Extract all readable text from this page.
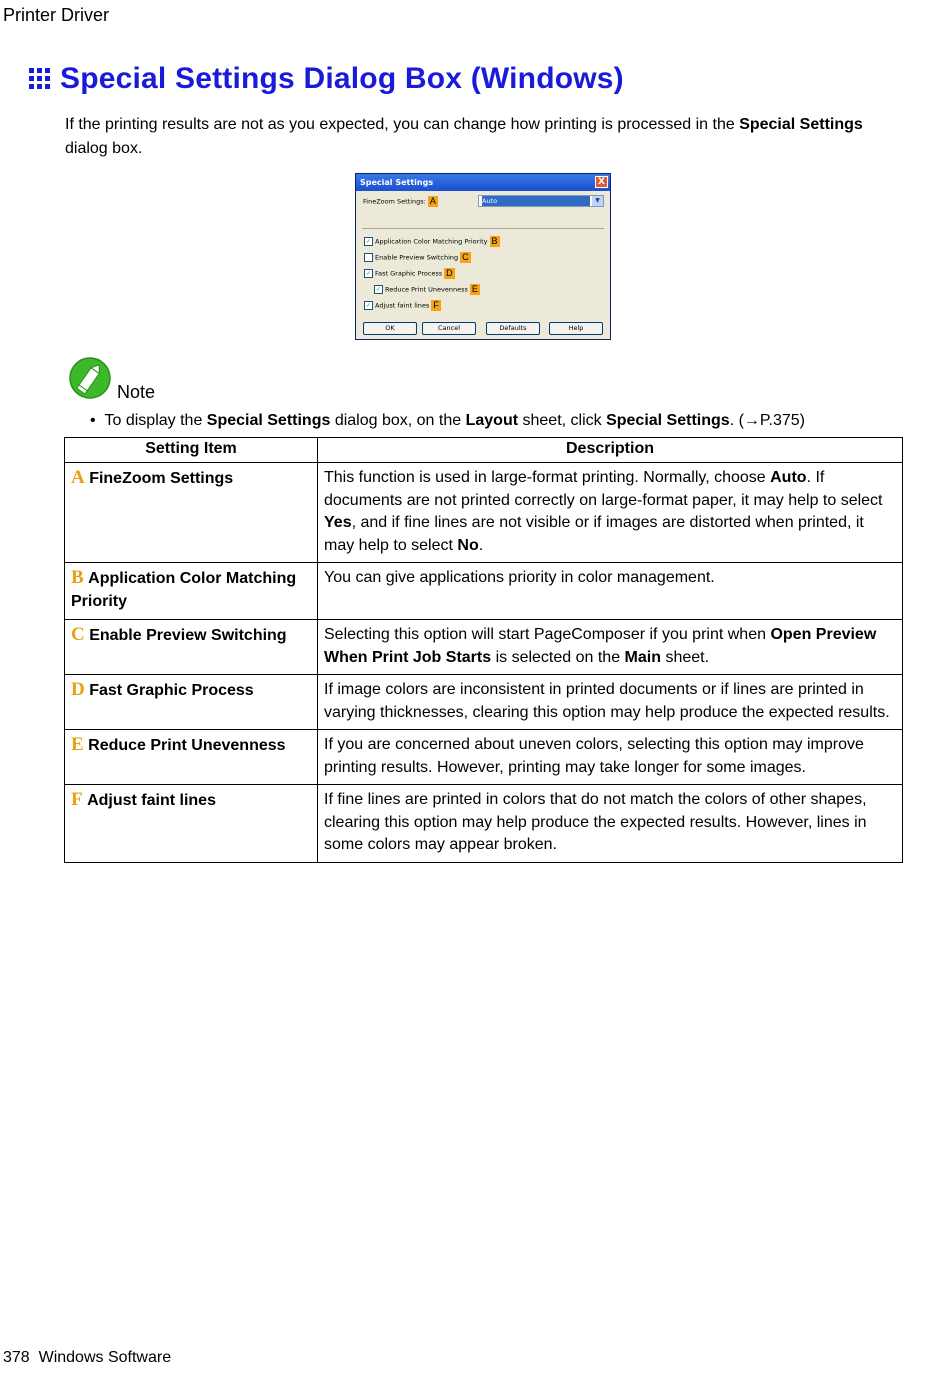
Printer Driver
Special Settings Dialog Box (Windows)
If the printing results are not as you expected, you can change how printing is processed in the Special Settings dialog box.
Special Settings	X
FineZoom Settings: A	Auto	▼
✓ Application Color Matching Priority B
Enable Preview Switching C
✓ Fast Graphic Process D
✓ Reduce Print Unevenness E
✓ Adjust faint lines F
OK	Cancel	Defaults	Help
Note
• To display the Special Settings dialog box, on the Layout sheet, click Special Settings. (→P.375)
Setting Item	Description
A FineZoom Settings	This function is used in large-format printing. Normally, choose Auto. If documents are not printed correctly on large-format paper, it may help to select Yes, and if fine lines are not visible or if images are distorted when printed, it may help to select No.
B Application Color Matching Priority	You can give applications priority in color management.
C Enable Preview Switching	Selecting this option will start PageComposer if you print when Open Preview When Print Job Starts is selected on the Main sheet.
D Fast Graphic Process	If image colors are inconsistent in printed documents or if lines are printed in varying thicknesses, clearing this option may help produce the expected results.
E Reduce Print Unevenness	If you are concerned about uneven colors, selecting this option may improve printing results. However, printing may take longer for some images.
F Adjust faint lines	If fine lines are printed in colors that do not match the colors of other shapes, clearing this option may help produce the expected results. However, lines in some colors may appear broken.
378 Windows Software
